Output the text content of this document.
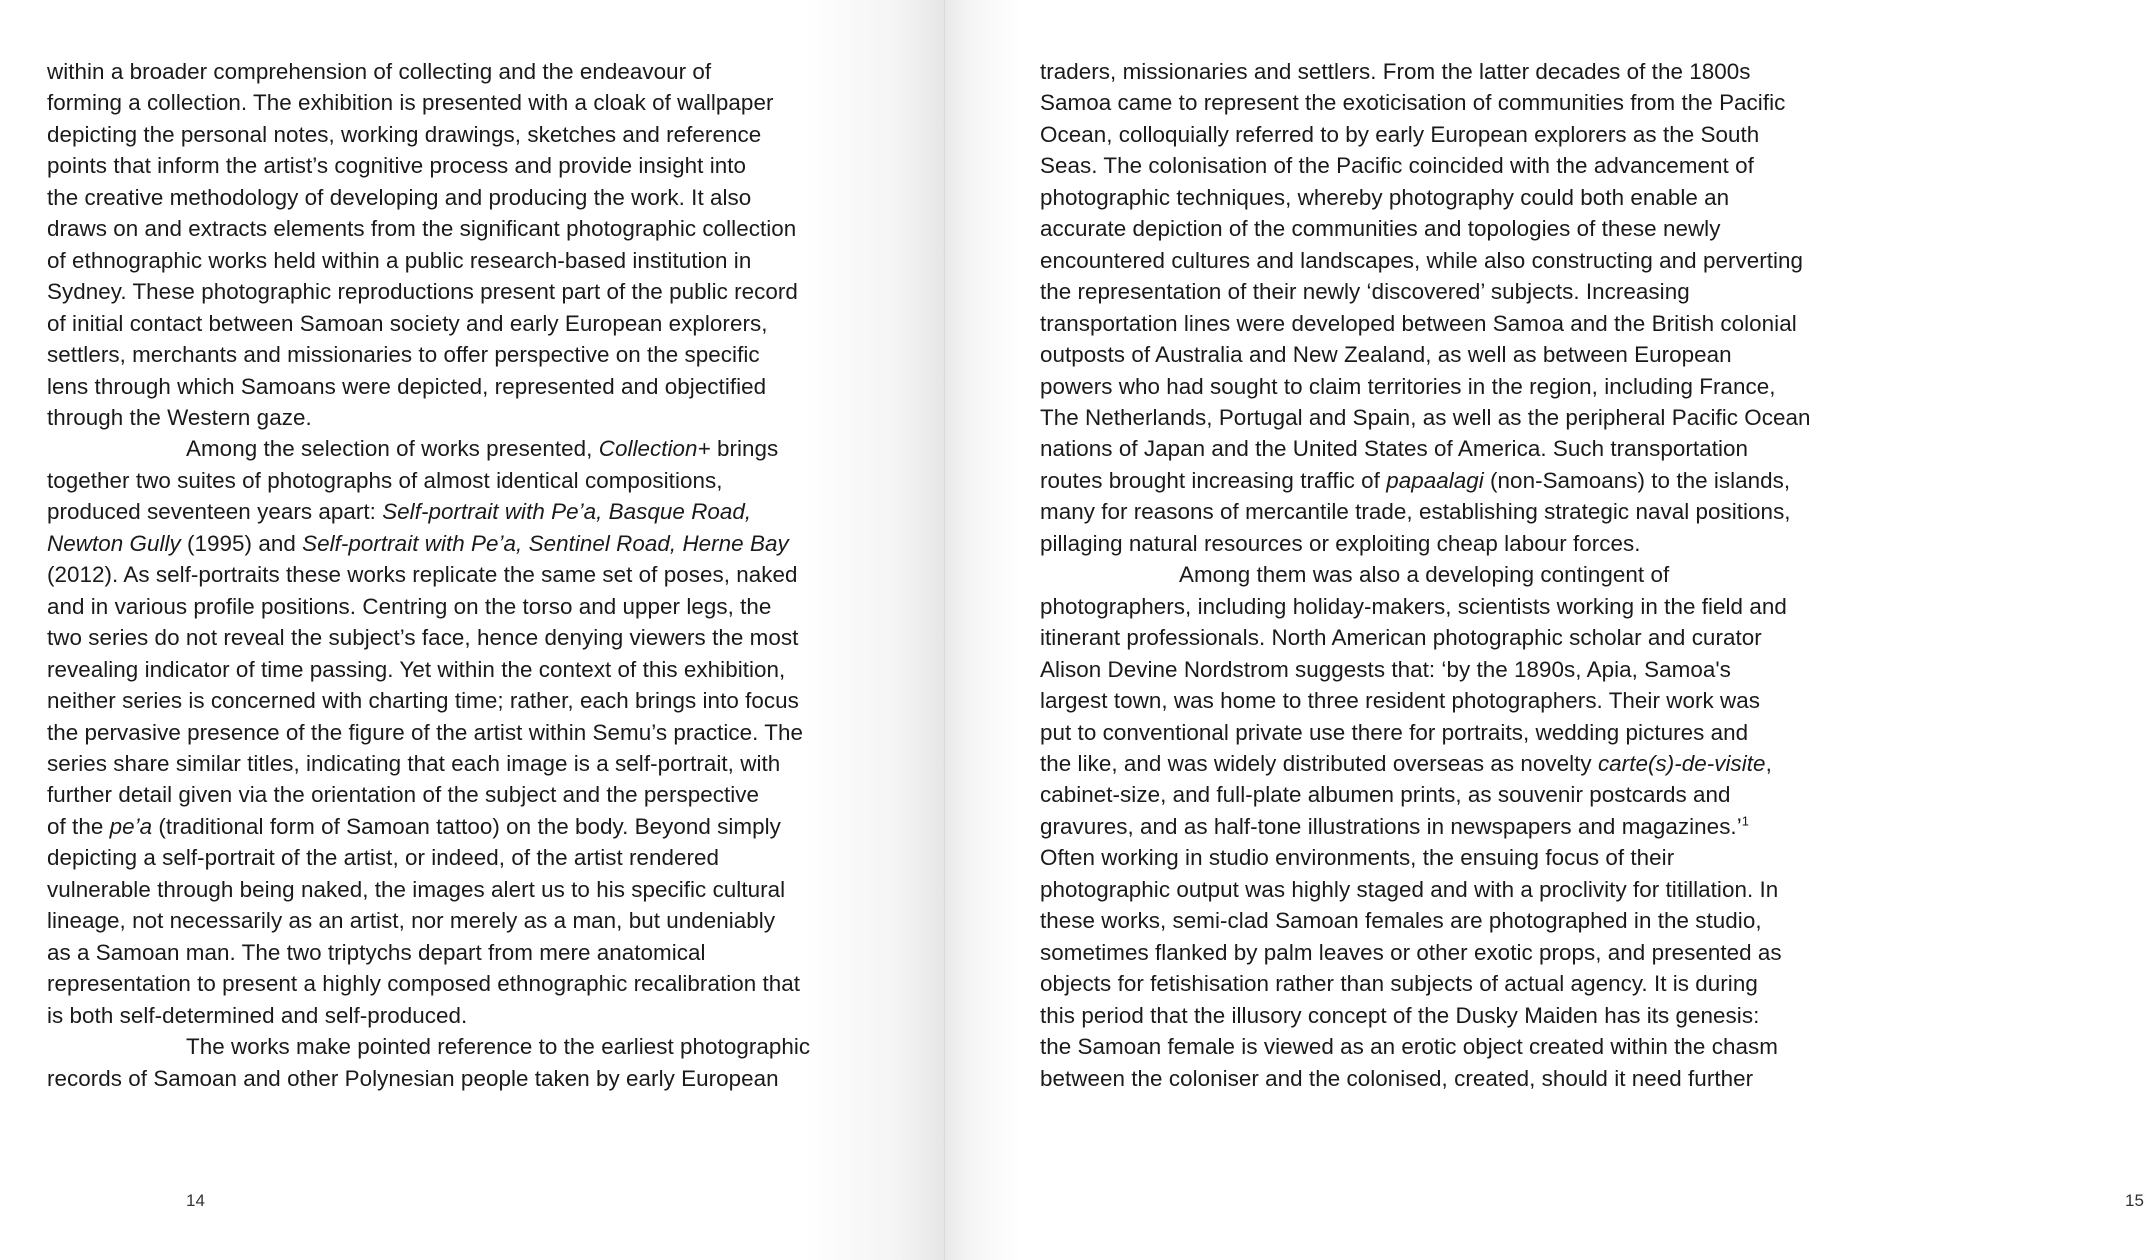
within a broader comprehension of collecting and the endeavour of

forming a collection. The exhibition is presented with a cloak of wallpaper

depicting the personal notes, working drawings, sketches and reference

points that inform the artist’s cognitive process and provide insight into

the creative methodology of developing and producing the work. It also

draws on and extracts elements from the significant photographic collection

of ethnographic works held within a public research-based institution in

Sydney. These photographic reproductions present part of the public record

of initial contact between Samoan society and early European explorers,

settlers, merchants and missionaries to offer perspective on the specific

lens through which Samoans were depicted, represented and objectified

through the Western gaze.

Among the selection of works presented, Collection+ brings

together two suites of photographs of almost identical compositions,

produced seventeen years apart: Self-portrait with Pe’a, Basque Road,

Newton Gully (1995) and Self-portrait with Pe’a, Sentinel Road, Herne Bay

(2012). As self-portraits these works replicate the same set of poses, naked

and in various profile positions. Centring on the torso and upper legs, the

two series do not reveal the subject’s face, hence denying viewers the most

revealing indicator of time passing. Yet within the context of this exhibition,

neither series is concerned with charting time; rather, each brings into focus

the pervasive presence of the figure of the artist within Semu’s practice. The

series share similar titles, indicating that each image is a self-portrait, with

further detail given via the orientation of the subject and the perspective

of the pe’a (traditional form of Samoan tattoo) on the body. Beyond simply

depicting a self-portrait of the artist, or indeed, of the artist rendered

vulnerable through being naked, the images alert us to his specific cultural

lineage, not necessarily as an artist, nor merely as a man, but undeniably

as a Samoan man. The two triptychs depart from mere anatomical

representation to present a highly composed ethnographic recalibration that

is both self-determined and self-produced.

The works make pointed reference to the earliest photographic

records of Samoan and other Polynesian people taken by early European

14	15

traders, missionaries and settlers. From the latter decades of the 1800s

Samoa came to represent the exoticisation of communities from the Pacific

Ocean, colloquially referred to by early European explorers as the South

Seas. The colonisation of the Pacific coincided with the advancement of

photographic techniques, whereby photography could both enable an

accurate depiction of the communities and topologies of these newly

encountered cultures and landscapes, while also constructing and perverting

the representation of their newly ‘discovered’ subjects. Increasing

transportation lines were developed between Samoa and the British colonial

outposts of Australia and New Zealand, as well as between European

powers who had sought to claim territories in the region, including France,

The Netherlands, Portugal and Spain, as well as the peripheral Pacific Ocean

nations of Japan and the United States of America. Such transportation

routes brought increasing traffic of papaalagi (non-Samoans) to the islands,

many for reasons of mercantile trade, establishing strategic naval positions,

pillaging natural resources or exploiting cheap labour forces.

Among them was also a developing contingent of

photographers, including holiday-makers, scientists working in the field and

itinerant professionals. North American photographic scholar and curator

Alison Devine Nordstrom suggests that: ‘by the 1890s, Apia, Samoa's

largest town, was home to three resident photographers. Their work was

put to conventional private use there for portraits, wedding pictures and

the like, and was widely distributed overseas as novelty carte(s)-de-visite,

cabinet-size, and full-plate albumen prints, as souvenir postcards and

gravures, and as half-tone illustrations in newspapers and magazines.’$^1$

Often working in studio environments, the ensuing focus of their

photographic output was highly staged and with a proclivity for titillation. In

these works, semi-clad Samoan females are photographed in the studio,

sometimes flanked by palm leaves or other exotic props, and presented as

objects for fetishisation rather than subjects of actual agency. It is during

this period that the illusory concept of the Dusky Maiden has its genesis:

the Samoan female is viewed as an erotic object created within the chasm

between the coloniser and the colonised, created, should it need further
